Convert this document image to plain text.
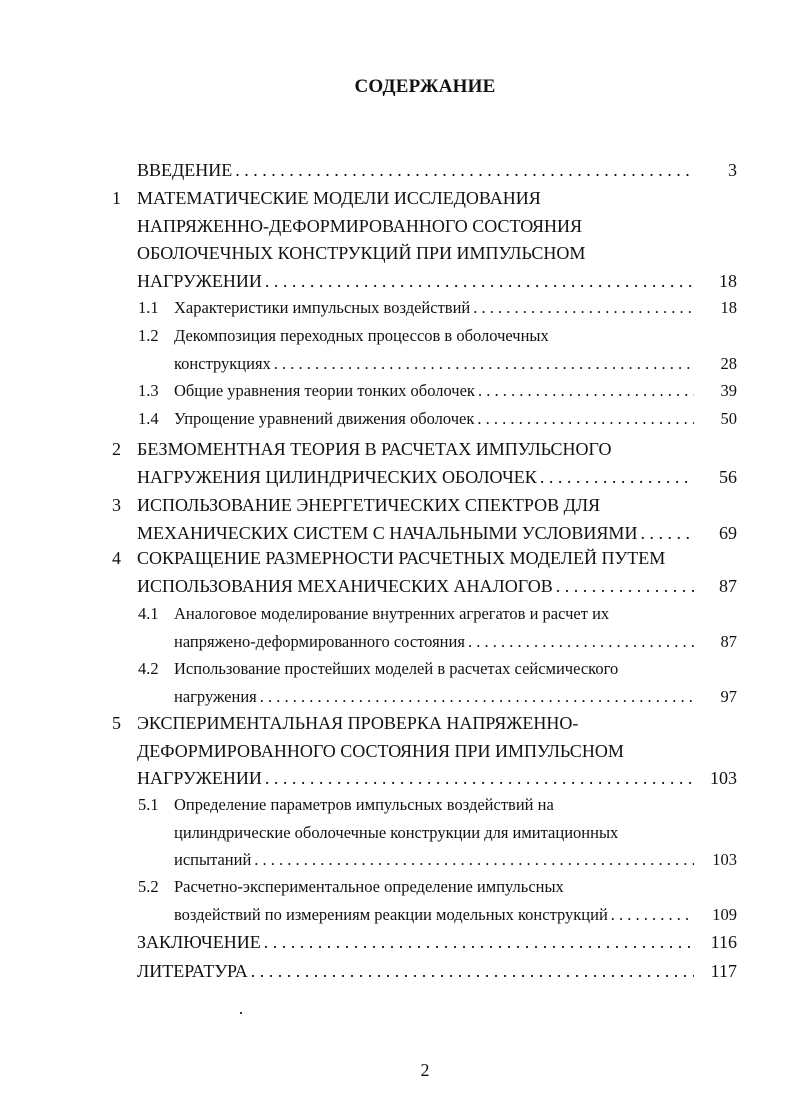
СОДЕРЖАНИЕ
ВВЕДЕНИЕ . . .	3
1 МАТЕМАТИЧЕСКИЕ МОДЕЛИ ИССЛЕДОВАНИЯ
НАПРЯЖЕННО-ДЕФОРМИРОВАННОГО СОСТОЯНИЯ
ОБОЛОЧЕЧНЫХ КОНСТРУКЦИЙ ПРИ ИМПУЛЬСНОМ
НАГРУЖЕНИИ . . .	18
1.1 Характеристики импульсных воздействий . . .	18
1.2 Декомпозиция переходных процессов в оболочечных
конструкциях . . .	28
1.3 Общие уравнения теории тонких оболочек . . .	39
1.4 Упрощение уравнений движения оболочек . . .	50
2 БЕЗМОМЕНТНАЯ ТЕОРИЯ В РАСЧЕТАХ ИМПУЛЬСНОГО
НАГРУЖЕНИЯ ЦИЛИНДРИЧЕСКИХ ОБОЛОЧЕК . . .	56
3 ИСПОЛЬЗОВАНИЕ ЭНЕРГЕТИЧЕСКИХ СПЕКТРОВ ДЛЯ
МЕХАНИЧЕСКИХ СИСТЕМ С НАЧАЛЬНЫМИ УСЛОВИЯМИ . . .	69
4 СОКРАЩЕНИЕ РАЗМЕРНОСТИ РАСЧЕТНЫХ МОДЕЛЕЙ ПУТЕМ
ИСПОЛЬЗОВАНИЯ МЕХАНИЧЕСКИХ АНАЛОГОВ . . .	87
4.1 Аналоговое моделирование внутренних агрегатов и расчет их
напряжено-деформированного состояния . . .	87
4.2 Использование простейших моделей в расчетах сейсмического
нагружения . . .	97
5 ЭКСПЕРИМЕНТАЛЬНАЯ ПРОВЕРКА НАПРЯЖЕННО-
ДЕФОРМИРОВАННОГО СОСТОЯНИЯ ПРИ ИМПУЛЬСНОМ
НАГРУЖЕНИИ . . .	103
5.1 Определение параметров импульсных воздействий на
цилиндрические оболочечные конструкции для имитационных
испытаний . . .	103
5.2 Расчетно-экспериментальное определение импульсных
воздействий по измерениям реакции модельных конструкций . . .	109
ЗАКЛЮЧЕНИЕ . . .	116
ЛИТЕРАТУРА . . .	117
2
